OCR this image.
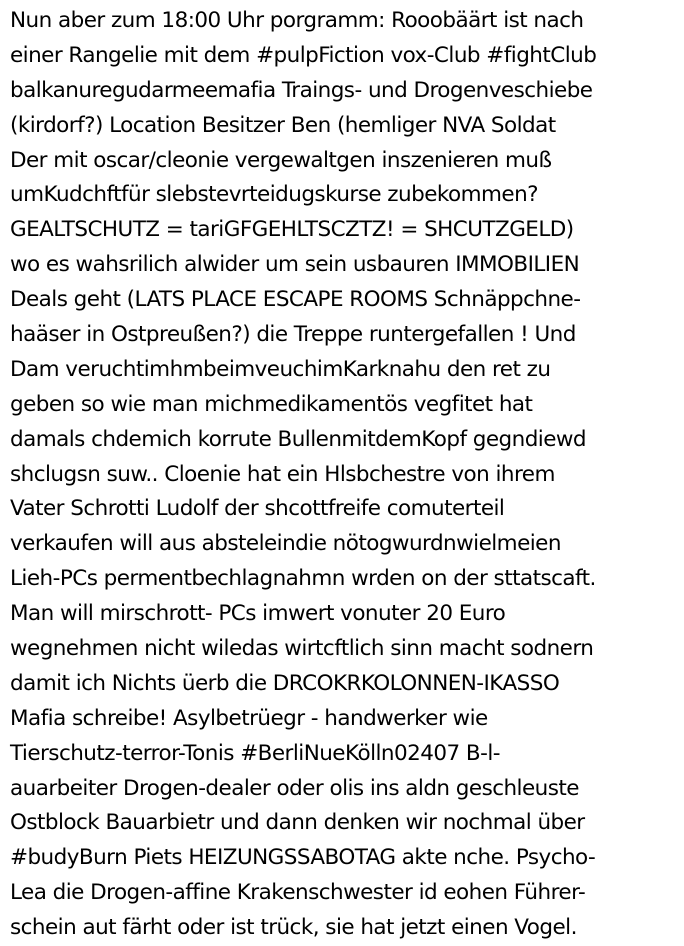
Nun aber zum 18:00 Uhr porgramm: Rooobäärt ist nach
einer Rangelie mit dem #pulpFiction vox-Club #fightClub
balkanuregudarmeemafia Traings- und Drogenveschiebe
(kirdorf?) Location Besitzer Ben (hemliger NVA Soldat
Der mit oscar/cleonie vergewaltgen inszenieren muß
umKudchftfür slebstevrteidugskurse zubekommen?
GEALTSCHUTZ = tariGFGEHLTSCZTZ! = SHCUTZGELD)
wo es wahsrilich alwider um sein usbauren IMMOBILIEN
Deals geht (LATS PLACE ESCAPE ROOMS Schnäppchne-
haäser in Ostpreußen?) die Treppe runtergefallen ! Und
Dam veruchtimhmbeimveuchimKarknahu den ret zu
geben so wie man michmedikamentös vegfitet hat
damals chdemich korrute BullenmitdemKopf gegndiewd
shclugsn suw.. Cloenie hat ein Hlsbchestre von ihrem
Vater Schrotti Ludolf der shcottfreife comuterteil
verkaufen will aus absteleindie nötogwurdnwielmeien
Lieh-PCs permentbechlagnahmn wrden on der sttatscaft.
Man will mirschrott- PCs imwert vonuter 20 Euro
wegnehmen nicht wiledas wirtcftlich sinn macht sodnern
damit ich Nichts üerb die DRCOKRKOLONNEN-IKASSO
Mafia schreibe! Asylbetrüegr - handwerker wie
Tierschutz-terror-Tonis #BerliNueKölln02407 B-l-
auarbeiter Drogen-dealer oder olis ins aldn geschleuste
Ostblock Bauarbietr und dann denken wir nochmal über
#budyBurn Piets HEIZUNGSSABOTAG akte nche. Psycho-
Lea die Drogen-affine Krakenschwester id eohen Führer-
schein aut färht oder ist trück, sie hat jetzt einen Vogel.
